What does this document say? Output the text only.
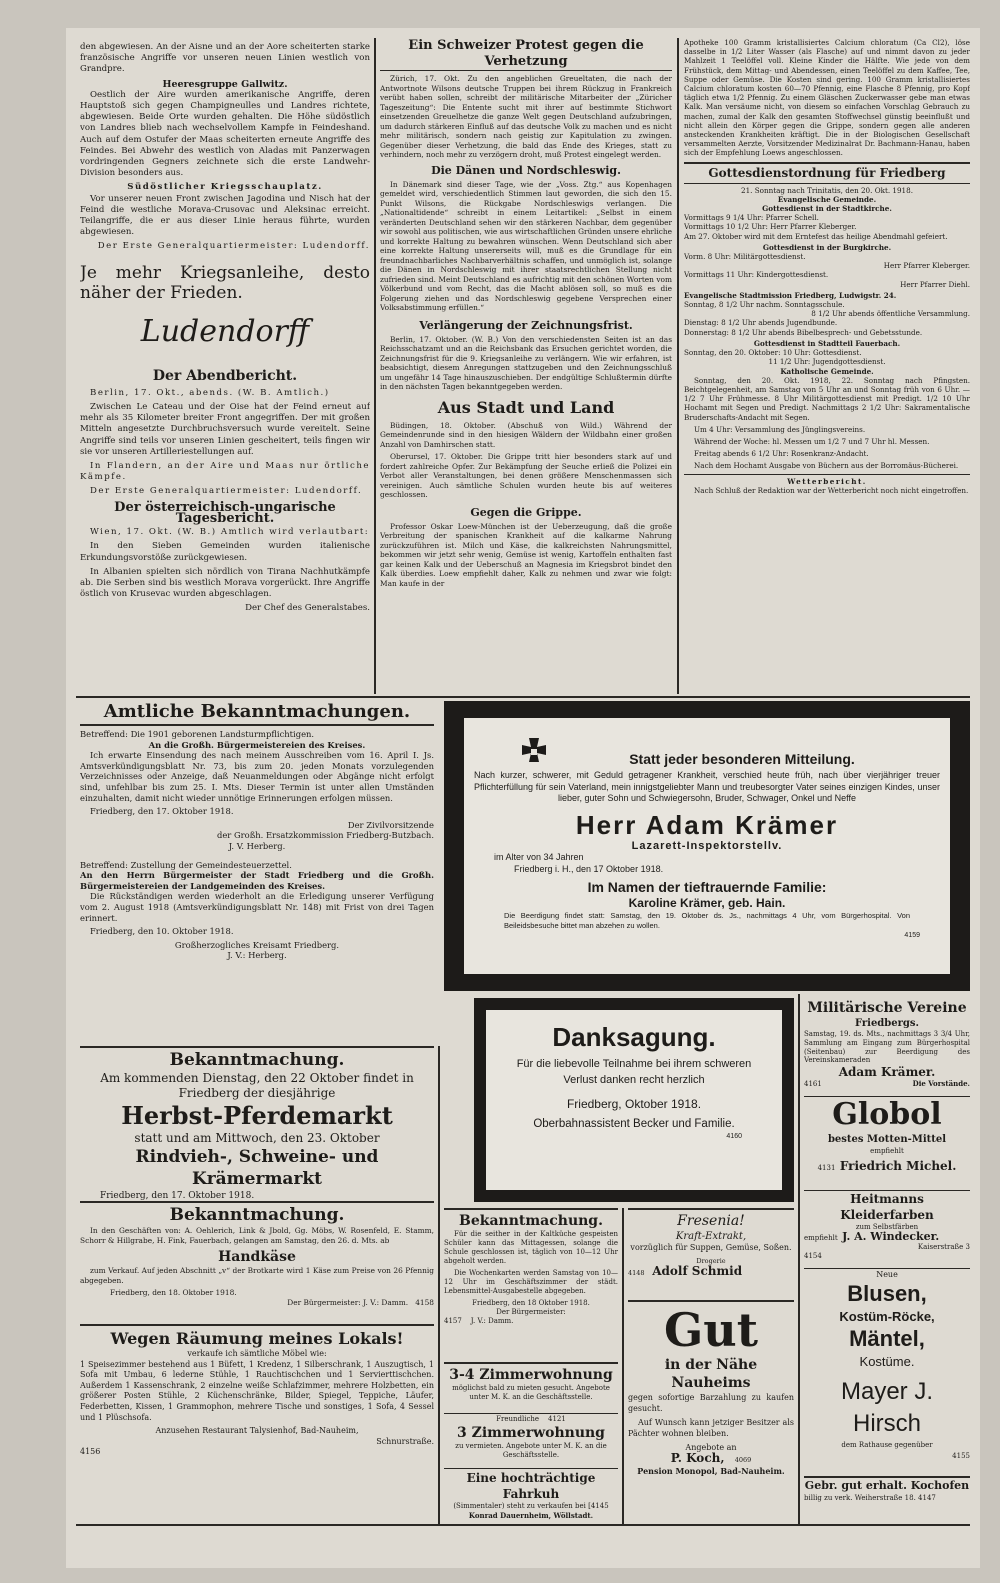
den abgewiesen. An der Aisne und an der Aore scheiterten starke französische Angriffe vor unseren neuen Linien westlich von Grandpre.

Heeresgruppe Gallwitz.

Oestlich der Aire wurden amerikanische Angriffe, deren Hauptstoß sich gegen Champigneulles und Landres richtete, abgewiesen. Beide Orte wurden gehalten. Die Höhe südöstlich von Landres blieb nach wechselvollem Kampfe in Feindeshand. Auch auf dem Ostufer der Maas scheiterten erneute Angriffe des Feindes. Bei Abwehr des westlich von Aladas mit Panzerwagen vordringenden Gegners zeichnete sich die erste Landwehr-Division besonders aus.

Südöstlicher Kriegsschauplatz.

Vor unserer neuen Front zwischen Jagodina und Nisch hat der Feind die westliche Morava-Crusovac und Aleksinac erreicht. Teilangriffe, die er aus dieser Linie heraus führte, wurden abgewiesen.

Der Erste Generalquartiermeister: Ludendorff.
Je mehr Kriegsanleihe, desto näher der Frieden.
Ludendorff
Der Abendbericht.

Berlin, 17. Okt., abends. (W. B. Amtlich.)

Zwischen Le Cateau und der Oise hat der Feind erneut auf mehr als 35 Kilometer breiter Front angegriffen. Der mit großen Mitteln angesetzte Durchbruchsversuch wurde vereitelt. Seine Angriffe sind teils vor unseren Linien gescheitert, teils fingen wir sie vor unseren Artilleriestellungen auf.

In Flandern, an der Aire und Maas nur örtliche Kämpfe.

Der Erste Generalquartiermeister: Ludendorff.

Der österreichisch-ungarische Tagesbericht.

Wien, 17. Okt. (W. B.) Amtlich wird verlautbart:

In den Sieben Gemeinden wurden italienische Erkundungsvorstöße zurückgewiesen.

In Albanien spielten sich nördlich von Tirana Nachhutkämpfe ab. Die Serben sind bis westlich Morava vorgerückt. Ihre Angriffe östlich von Krusevac wurden abgeschlagen.

Der Chef des Generalstabes.
Ein Schweizer Protest gegen die Verhetzung

Zürich, 17. Okt. Zu den angeblichen Greueltaten, die nach der Antwortnote Wilsons deutsche Truppen bei ihrem Rückzug in Frankreich verübt haben sollen, schreibt der militärische Mitarbeiter der „Züricher Tageszeitung“: Die Entente sucht mit ihrer auf bestimmte Stichwort einsetzenden Greuelhetze die ganze Welt gegen Deutschland aufzubringen, um dadurch stärkeren Einfluß auf das deutsche Volk zu machen und es nicht mehr militärisch, sondern nach geistig zur Kapitulation zu zwingen. Gegenüber dieser Verhetzung, die bald das Ende des Krieges, statt zu verhindern, noch mehr zu verzögern droht, muß Protest eingelegt werden.

Die Dänen und Nordschleswig.

In Dänemark sind dieser Tage, wie der „Voss. Ztg.“ aus Kopenhagen gemeldet wird, verschiedentlich Stimmen laut geworden, die sich den 15. Punkt Wilsons, die Rückgabe Nordschleswigs verlangen. Die „Nationaltidende“ schreibt in einem Leitartikel: „Selbst in einem veränderten Deutschland sehen wir den stärkeren Nachbar, dem gegenüber wir sowohl aus politischen, wie aus wirtschaftlichen Gründen unsere ehrliche und korrekte Haltung zu bewahren wünschen. Wenn Deutschland sich aber eine korrekte Haltung unsererseits will, muß es die Grundlage für ein freundnachbarliches Nachbarverhältnis schaffen, und unmöglich ist, solange die Dänen in Nordschleswig mit ihrer staatsrechtlichen Stellung nicht zufrieden sind. Meint Deutschland es aufrichtig mit den schönen Worten vom Völkerbund und vom Recht, das die Macht ablösen soll, so muß es die Folgerung ziehen und das Nordschleswig gegebene Versprechen einer Volksabstimmung erfüllen.“

Verlängerung der Zeichnungsfrist.

Berlin, 17. Oktober. (W. B.) Von den verschiedensten Seiten ist an das Reichsschatzamt und an die Reichsbank das Ersuchen gerichtet worden, die Zeichnungsfrist für die 9. Kriegsanleihe zu verlängern. Wie wir erfahren, ist beabsichtigt, diesem Anregungen stattzugeben und den Zeichnungsschluß um ungefähr 14 Tage hinauszuschieben. Der endgültige Schlußtermin dürfte in den nächsten Tagen bekanntgegeben werden.

Aus Stadt und Land

Büdingen, 18. Oktober. (Abschuß von Wild.) Während der Gemeindenrunde sind in den hiesigen Wäldern der Wildbahn einer großen Anzahl von Damhirschen statt.

Oberursel, 17. Oktober. Die Grippe tritt hier besonders stark auf und fordert zahlreiche Opfer. Zur Bekämpfung der Seuche erließ die Polizei ein Verbot aller Veranstaltungen, bei denen größere Menschenmassen sich vereinigen. Auch sämtliche Schulen wurden heute bis auf weiteres geschlossen.

Gegen die Grippe.

Professor Oskar Loew-München ist der Ueberzeugung, daß die große Verbreitung der spanischen Krankheit auf die kalkarme Nahrung zurückzuführen ist. Milch und Käse, die kalkreichsten Nahrungsmittel, bekommen wir jetzt sehr wenig, Gemüse ist wenig, Kartoffeln enthalten fast gar keinen Kalk und der Ueberschuß an Magnesia im Kriegsbrot bindet den Kalk überdies. Loew empfiehlt daher, Kalk zu nehmen und zwar wie folgt: Man kaufe in der

Apotheke 100 Gramm kristallisiertes Calcium chloratum (Ca Cl2), löse dasselbe in 1/2 Liter Wasser (als Flasche) auf und nimmt davon zu jeder Mahlzeit 1 Teelöffel voll. Kleine Kinder die Hälfte. Wie jede von dem Frühstück, dem Mittag- und Abendessen, einen Teelöffel zu dem Kaffee, Tee, Suppe oder Gemüse. Die Kosten sind gering. 100 Gramm kristallisiertes Calcium chloratum kosten 60—70 Pfennig, eine Flasche 8 Pfennig, pro Kopf täglich etwa 1/2 Pfennig. Zu einem Gläschen Zuckerwasser gebe man etwas Kalk. Man versäume nicht, von diesem so einfachen Vorschlag Gebrauch zu machen, zumal der Kalk den gesamten Stoffwechsel günstig beeinflußt und nicht allein den Körper gegen die Grippe, sondern gegen alle anderen ansteckenden Krankheiten kräftigt. Die in der Biologischen Gesellschaft versammelten Aerzte, Vorsitzender Medizinalrat Dr. Bachmann-Hanau, haben sich der Empfehlung Loews angeschlossen.

Gottesdienstordnung für Friedberg
21. Sonntag nach Trinitatis, den 20. Okt. 1918.
Evangelische Gemeinde.
Gottesdienst in der Stadtkirche.
Vormittags 9 1/4 Uhr: Pfarrer Schell.
Vormittags 10 1/2 Uhr: Herr Pfarrer Kleberger.
Am 27. Oktober wird mit dem Erntefest das heilige Abendmahl gefeiert.
Gottesdienst in der Burgkirche.
Vorm. 8 Uhr: Militärgottesdienst.
Herr Pfarrer Kleberger.
Vormittags 11 Uhr: Kindergottesdienst.
Herr Pfarrer Diehl.
Evangelische Stadtmission Friedberg, Ludwigstr. 24.
Sonntag, 8 1/2 Uhr nachm. Sonntagsschule.
8 1/2 Uhr abends öffentliche Versammlung.
Dienstag: 8 1/2 Uhr abends Jugendbunde.
Donnerstag: 8 1/2 Uhr abends Bibelbesprech- und Gebetsstunde.
Gottesdienst in Stadtteil Fauerbach.
Sonntag, den 20. Oktober: 10 Uhr: Gottesdienst.
11 1/2 Uhr: Jugendgottesdienst.
Katholische Gemeinde.

Sonntag, den 20. Okt. 1918, 22. Sonntag nach Pfingsten. Beichtgelegenheit, am Samstag von 5 Uhr an und Sonntag früh von 6 Uhr. — 1/2 7 Uhr Frühmesse. 8 Uhr Militärgottesdienst mit Predigt. 1/2 10 Uhr Hochamt mit Segen und Predigt. Nachmittags 2 1/2 Uhr: Sakramentalische Bruderschafts-Andacht mit Segen.

Um 4 Uhr: Versammlung des Jünglingsvereins.

Während der Woche: hl. Messen um 1/2 7 und 7 Uhr hl. Messen.

Freitag abends 6 1/2 Uhr: Rosenkranz-Andacht.

Nach dem Hochamt Ausgabe von Büchern aus der Borromäus-Bücherei.

Wetterbericht.

Nach Schluß der Redaktion war der Wetterbericht noch nicht eingetroffen.

Amtliche Bekanntmachungen.
Betreffend: Die 1901 geborenen Landsturmpflichtigen.
An die Großh. Bürgermeistereien des Kreises.

Ich erwarte Einsendung des nach meinem Ausschreiben vom 16. April I. Js. Amtsverkündigungsblatt Nr. 73, bis zum 20. jeden Monats vorzulegenden Verzeichnisses oder Anzeige, daß Neuanmeldungen oder Abgänge nicht erfolgt sind, unfehlbar bis zum 25. I. Mts. Dieser Termin ist unter allen Umständen einzuhalten, damit nicht wieder unnötige Erinnerungen erfolgen müssen.

Friedberg, den 17. Oktober 1918.

Der Zivilvorsitzende
der Großh. Ersatzkommission Friedberg-Butzbach.
J. V. Herberg.
Betreffend: Zustellung der Gemeindesteuerzettel.
An den Herrn Bürgermeister der Stadt Friedberg und die Großh. Bürgermeistereien der Landgemeinden des Kreises.

Die Rückständigen werden wiederholt an die Erledigung unserer Verfügung vom 2. August 1918 (Amtsverkündigungsblatt Nr. 148) mit Frist von drei Tagen erinnert.

Friedberg, den 10. Oktober 1918.

Großherzogliches Kreisamt Friedberg.
J. V.: Herberg.
Bekanntmachung.
Am kommenden Dienstag, den 22 Oktober findet in Friedberg der diesjährige
Herbst-Pferdemarkt
statt und am Mittwoch, den 23. Oktober
Rindvieh-, Schweine- und Krämermarkt
Friedberg, den 17. Oktober 1918.

Bekanntmachung.

In den Geschäften von: A. Oehlerich, Link & Jbold, Gg. Möbs, W. Rosenfeld, E. Stamm, Schorr & Hillgrabe, H. Fink, Fauerbach, gelangen am Samstag, den 26. d. Mts. ab

Handkäse

zum Verkauf. Auf jeden Abschnitt „v“ der Brotkarte wird 1 Käse zum Preise von 26 Pfennig abgegeben.

Friedberg, den 18. Oktober 1918.
Der Bürgermeister: J. V.: Damm. 4158
Wegen Räumung meines Lokals!
verkaufe ich sämtliche Möbel wie:

1 Speisezimmer bestehend aus 1 Büfett, 1 Kredenz, 1 Silberschrank, 1 Auszugtisch, 1 Sofa mit Umbau, 6 lederne Stühle, 1 Rauchtischchen und 1 Servierttischchen. Außerdem 1 Kassenschrank, 2 einzelne weiße Schlafzimmer, mehrere Holzbetten, ein größerer Posten Stühle, 2 Küchenschränke, Bilder, Spiegel, Teppiche, Läufer, Federbetten, Kissen, 1 Grammophon, mehrere Tische und sonstiges, 1 Sofa, 4 Sessel und 1 Plüschsofa.

Anzusehen Restaurant Talysienhof, Bad-Nauheim,
Schnurstraße.
4156
Statt jeder besonderen Mitteilung.
Nach kurzer, schwerer, mit Geduld getragener Krankheit, verschied heute früh, nach über vierjähriger treuer Pflichterfüllung für sein Vaterland, mein innigstgeliebter Mann und treubesorgter Vater seines einzigen Kindes, unser lieber, guter Sohn und Schwiegersohn, Bruder, Schwager, Onkel und Neffe
Herr Adam Krämer
Lazarett-Inspektorstellv.
im Alter von 34 Jahren
Friedberg i. H., den 17 Oktober 1918.
Im Namen der tieftrauernde Familie:
Karoline Krämer, geb. Hain.
Die Beerdigung findet statt: Samstag, den 19. Oktober ds. Js., nachmittags 4 Uhr, vom Bürgerhospital. Von Beileidsbesuche bittet man abzehen zu wollen.
4159
Danksagung.
Für die liebevolle Teilnahme bei ihrem schweren Verlust danken recht herzlich
Friedberg, Oktober 1918.
Oberbahnassistent Becker und Familie.
4160
Militärische Vereine
Friedbergs.
Samstag, 19. ds. Mts., nachmittags 3 3/4 Uhr, Sammlung am Eingang zum Bürgerhospital (Seitenbau) zur Beerdigung des Vereinskameraden
Adam Krämer.
4161	Die Vorstände.
Globol
bestes Motten-Mittel
empfiehlt
4131 Friedrich Michel.
Heitmanns Kleiderfarben
zum Selbstfärben
empfiehlt J. A. Windecker.
Kaiserstraße 3
4154
Neue
Blusen,
Kostüm-Röcke,
Mäntel,
Kostüme.
Mayer J. Hirsch
dem Rathause gegenüber
4155
Gebr. gut erhalt. Kochofen
billig zu verk. Weiherstraße 18. 4147
Bekanntmachung.

Für die seither in der Kaltküche gespeisten Schüler kann das Mittagessen, solange die Schule geschlossen ist, täglich von 10—12 Uhr abgeholt werden.

Die Wochenkarten werden Samstag von 10—12 Uhr im Geschäftszimmer der städt. Lebensmittel-Ausgabestelle abgegeben.

Friedberg, den 18 Oktober 1918.
Der Bürgermeister:
4157 J. V.: Damm.
3-4 Zimmerwohnung
möglichst bald zu mieten gesucht. Angebote unter M. K. an die Geschäftsstelle.
Freundliche 4121
3 Zimmerwohnung
zu vermieten. Angebote unter M. K. an die Geschäftsstelle.
Eine hochträchtige Fahrkuh
(Simmentaler) steht zu verkaufen bei [4145
Konrad Dauernheim, Wöllstadt.
Fresenia!
Kraft-Extrakt,
vorzüglich für Suppen, Gemüse, Soßen.
Drogerie
4148 Adolf Schmid
Gut
in der Nähe Nauheims

gegen sofortige Barzahlung zu kaufen gesucht.

Auf Wunsch kann jetziger Besitzer als Pächter wohnen bleiben.

Angebote an
P. Koch, 4069
Pension Monopol, Bad-Nauheim.
